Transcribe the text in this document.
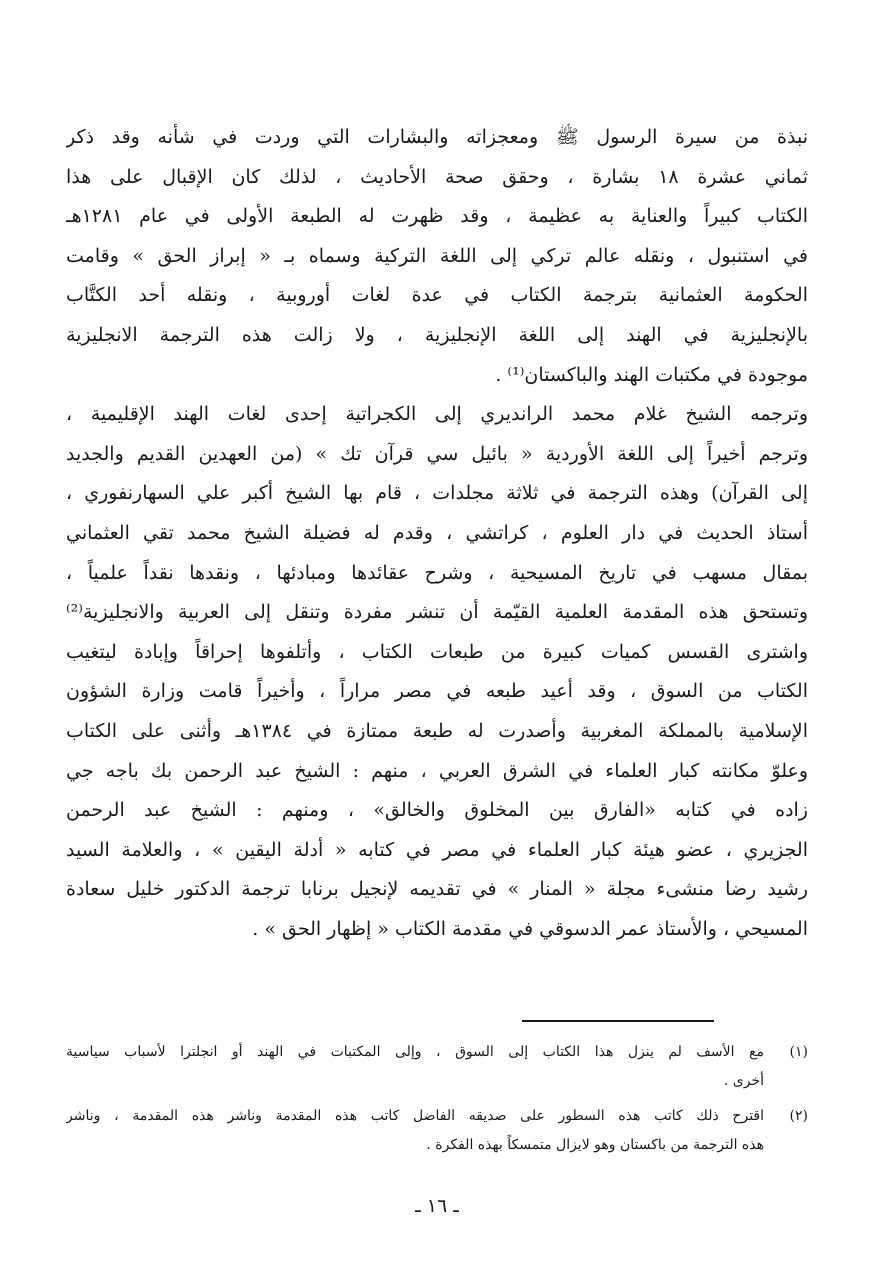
نبذة من سيرة الرسول ﷺ ومعجزاته والبشارات التي وردت في شأنه وقد ذكر
ثماني عشرة ١٨ بشارة ، وحقق صحة الأحاديث ، لذلك كان الإقبال على هذا
الكتاب كبيراً والعناية به عظيمة ، وقد ظهرت له الطبعة الأولى في عام ١٢٨١هـ
في استنبول ، ونقله عالم تركي إلى اللغة التركية وسماه بـ « إبراز الحق » وقامت
الحكومة العثمانية بترجمة الكتاب في عدة لغات أوروبية ، ونقله أحد الكتَّاب
بالإنجليزية في الهند إلى اللغة الإنجليزية ، ولا زالت هذه الترجمة الانجليزية
موجودة في مكتبات الهند والباكستان⁽¹⁾ .
وترجمه الشيخ غلام محمد الرانديري إلى الكجراتية إحدى لغات الهند الإقليمية ،
وترجم أخيراً إلى اللغة الأوردية « بائيل سي قرآن تك » (من العهدين القديم والجديد
إلى القرآن) وهذه الترجمة في ثلاثة مجلدات ، قام بها الشيخ أكبر علي السهارنفوري ،
أستاذ الحديث في دار العلوم ، كراتشي ، وقدم له فضيلة الشيخ محمد تقي العثماني
بمقال مسهب في تاريخ المسيحية ، وشرح عقائدها ومبادئها ، ونقدها نقداً علمياً ،
وتستحق هذه المقدمة العلمية القيّمة أن تنشر مفردة وتنقل إلى العربية والانجليزية⁽²⁾
واشترى القسس كميات كبيرة من طبعات الكتاب ، وأتلفوها إحراقاً وإبادة ليتغيب
الكتاب من السوق ، وقد أعيد طبعه في مصر مراراً ، وأخيراً قامت وزارة الشؤون
الإسلامية بالمملكة المغربية وأصدرت له طبعة ممتازة في ١٣٨٤هـ وأثنى على الكتاب
وعلوّ مكانته كبار العلماء في الشرق العربي ، منهم : الشيخ عبد الرحمن بك باجه جي
زاده في كتابه «الفارق بين المخلوق والخالق» ، ومنهم : الشيخ عبد الرحمن
الجزيري ، عضو هيئة كبار العلماء في مصر في كتابه « أدلة اليقين » ، والعلامة السيد
رشيد رضا منشىء مجلة « المنار » في تقديمه لإنجيل برنابا ترجمة الدكتور خليل سعادة
المسيحي ، والأستاذ عمر الدسوقي في مقدمة الكتاب « إظهار الحق » .
(١)
مع الأسف لم ينزل هذا الكتاب إلى السوق ، وإلى المكتبات في الهند أو انجلترا لأسباب سياسية
أخرى .
(٢)
اقترح ذلك كاتب هذه السطور على صديقه الفاضل كاتب هذه المقدمة وناشر هذه المقدمة ، وناشر
هذه الترجمة من باكستان وهو لايزال متمسكاً بهذه الفكرة .
ـ ١٦ ـ
